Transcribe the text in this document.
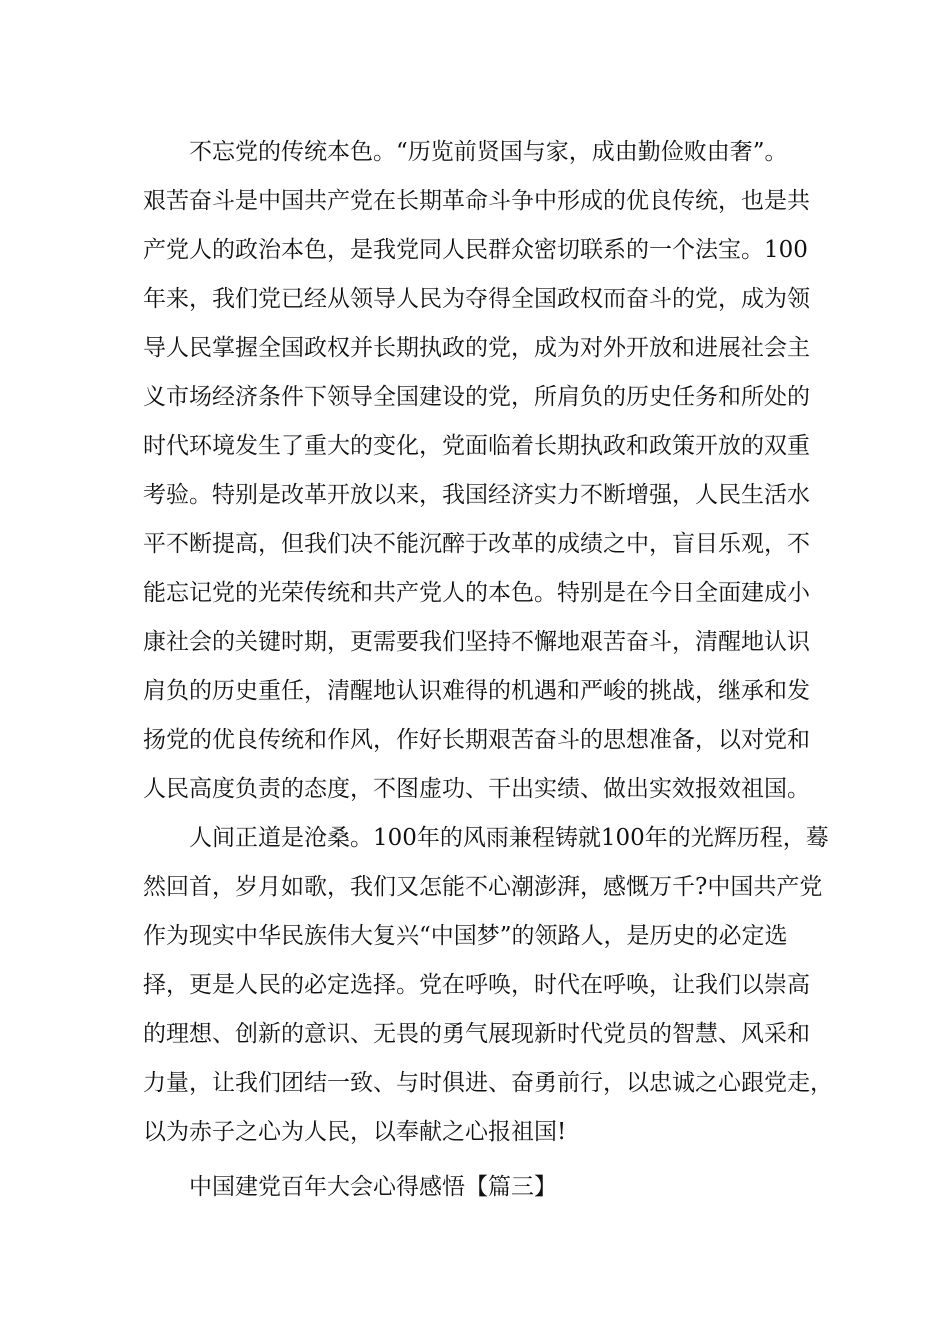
　　不忘党的传统本色。“历览前贤国与家，成由勤俭败由奢”。
艰苦奋斗是中国共产党在长期革命斗争中形成的优良传统，也是共
产党人的政治本色，是我党同人民群众密切联系的一个法宝。100
年来，我们党已经从领导人民为夺得全国政权而奋斗的党，成为领
导人民掌握全国政权并长期执政的党，成为对外开放和进展社会主
义市场经济条件下领导全国建设的党，所肩负的历史任务和所处的
时代环境发生了重大的变化，党面临着长期执政和政策开放的双重
考验。特别是改革开放以来，我国经济实力不断增强，人民生活水
平不断提高，但我们决不能沉醉于改革的成绩之中，盲目乐观，不
能忘记党的光荣传统和共产党人的本色。特别是在今日全面建成小
康社会的关键时期，更需要我们坚持不懈地艰苦奋斗，清醒地认识
肩负的历史重任，清醒地认识难得的机遇和严峻的挑战，继承和发
扬党的优良传统和作风，作好长期艰苦奋斗的思想准备，以对党和
人民高度负责的态度，不图虚功、干出实绩、做出实效报效祖国。
　　人间正道是沧桑。100年的风雨兼程铸就100年的光辉历程，蓦
然回首，岁月如歌，我们又怎能不心潮澎湃，感慨万千?中国共产党
作为现实中华民族伟大复兴“中国梦”的领路人，是历史的必定选
择，更是人民的必定选择。党在呼唤，时代在呼唤，让我们以崇高
的理想、创新的意识、无畏的勇气展现新时代党员的智慧、风采和
力量，让我们团结一致、与时俱进、奋勇前行，以忠诚之心跟党走，
以为赤子之心为人民，以奉献之心报祖国!
中国建党百年大会心得感悟【篇三】
